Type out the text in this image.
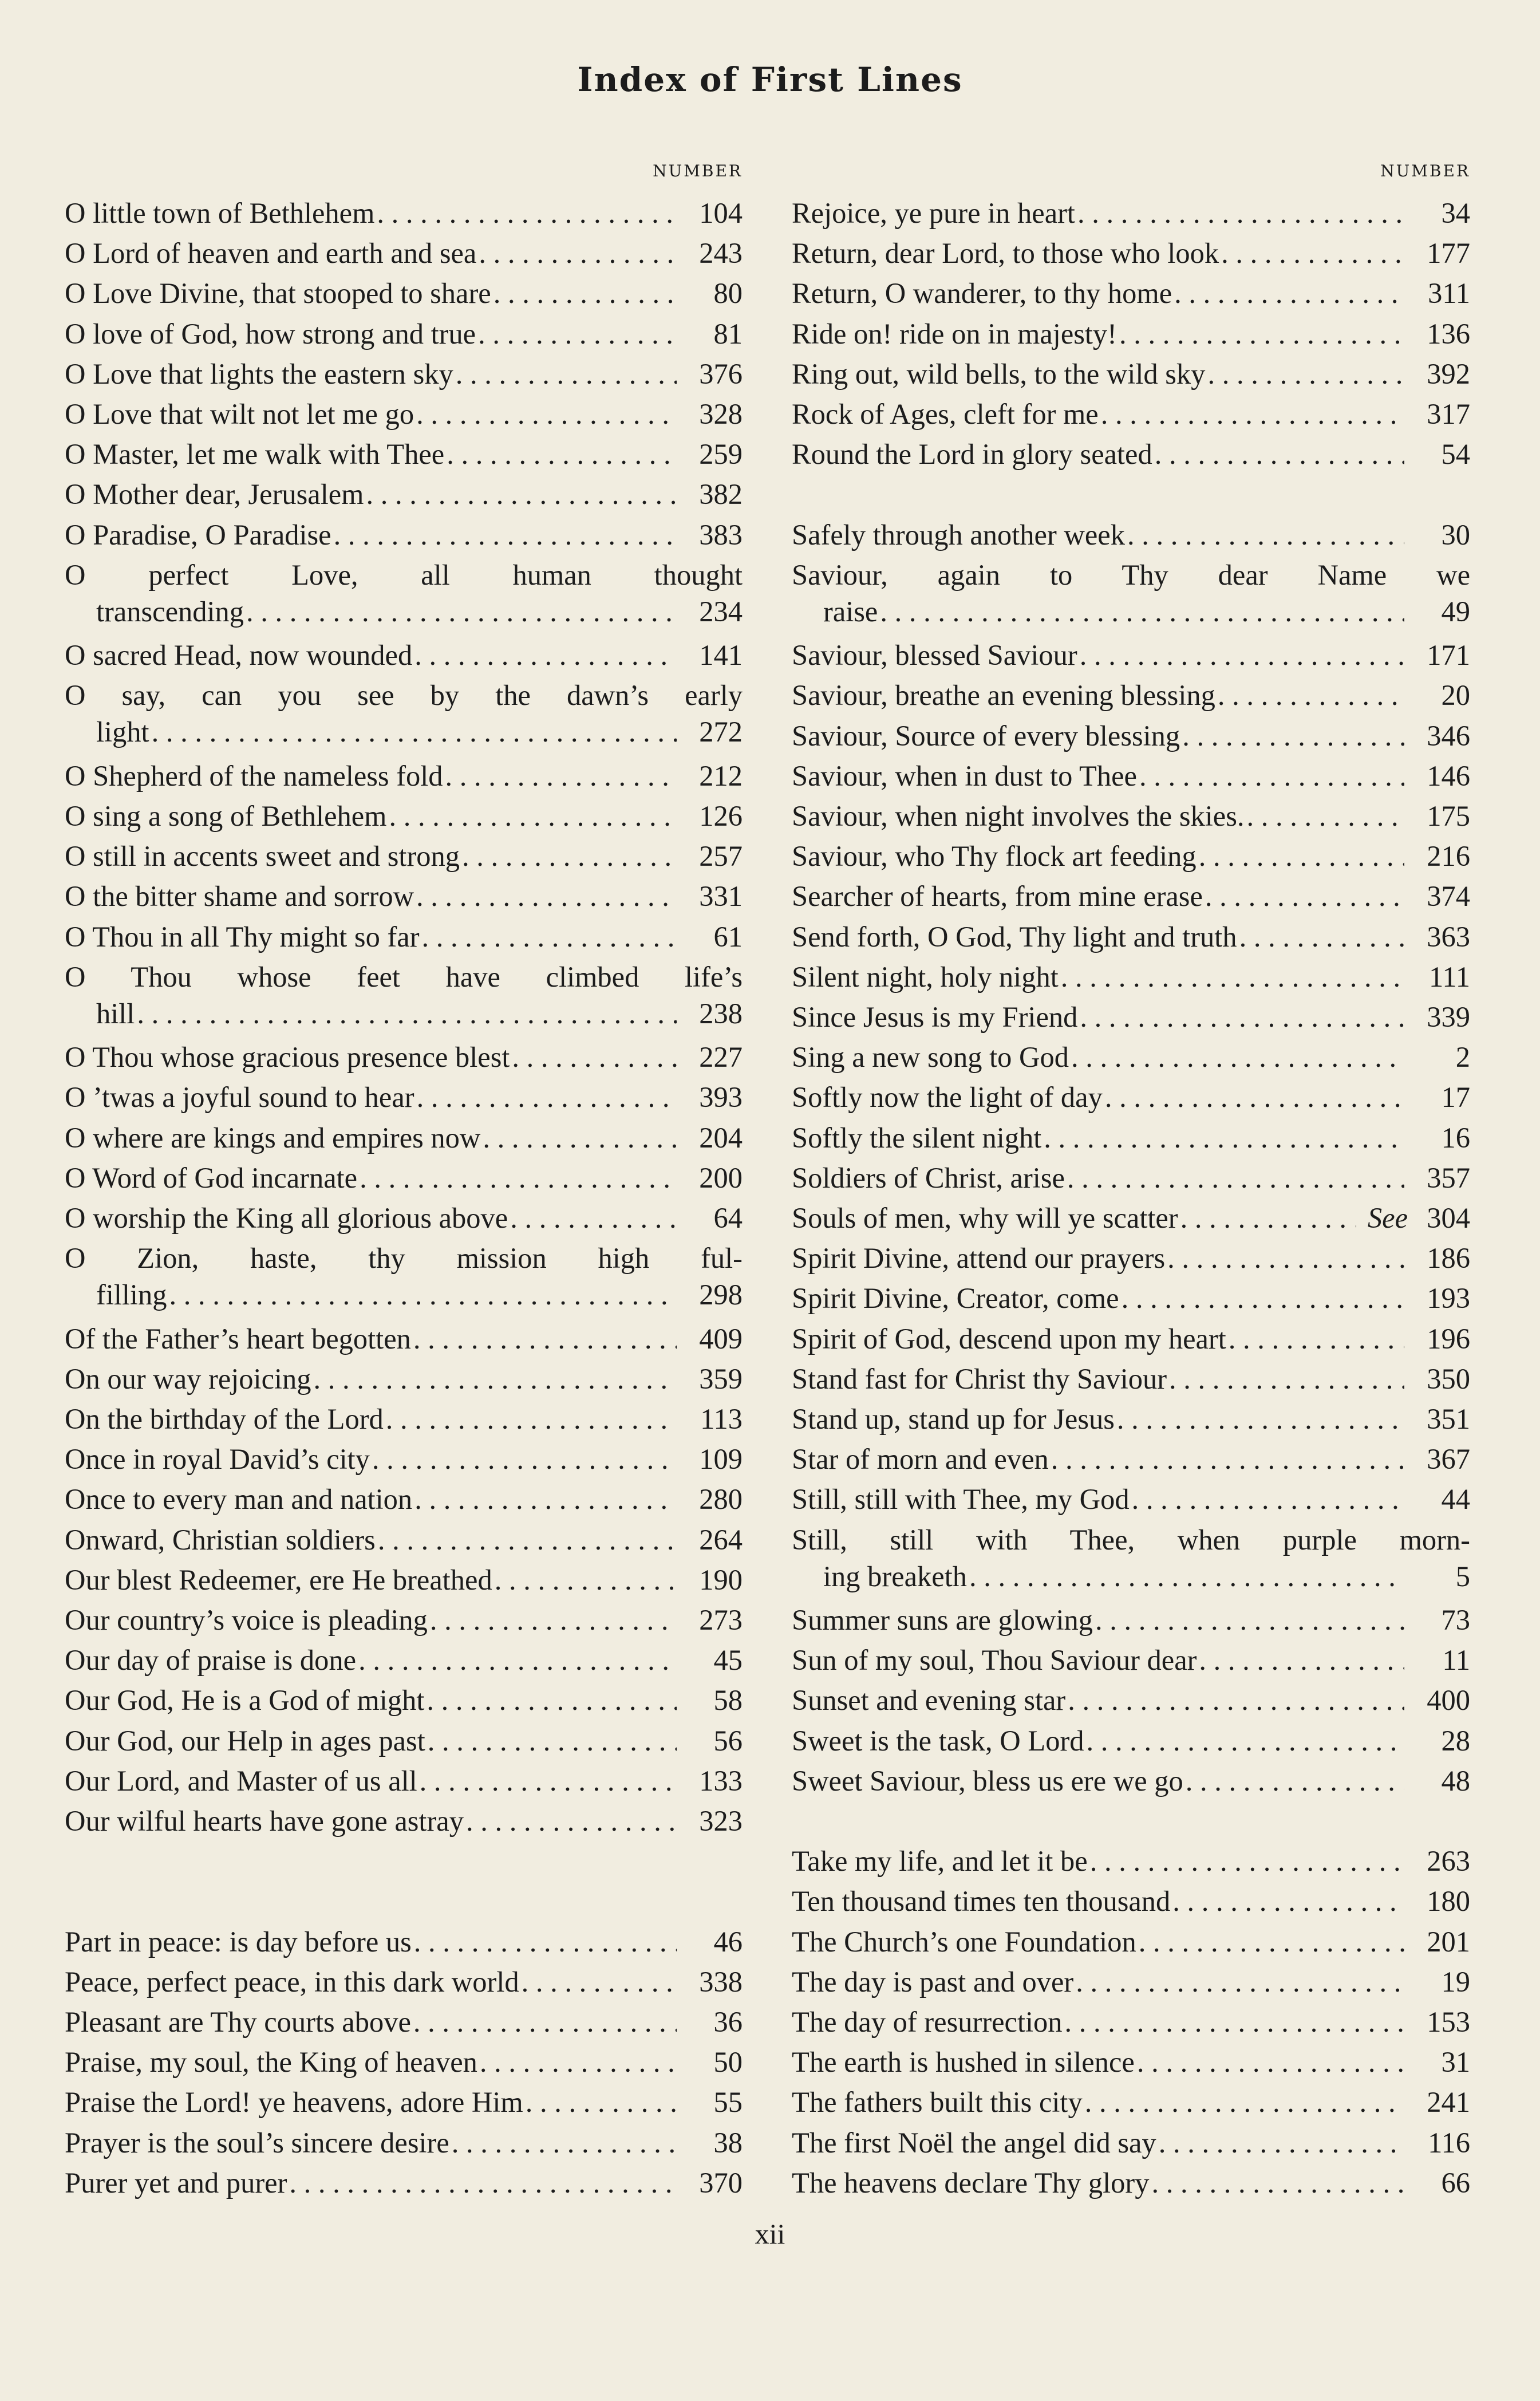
Index of First Lines
NUMBER
O little town of Bethlehem . . .	104
O Lord of heaven and earth and sea . . .	243
O Love Divine, that stooped to share . . .	80
O love of God, how strong and true . . .	81
O Love that lights the eastern sky . . .	376
O Love that wilt not let me go . . .	328
O Master, let me walk with Thee . . .	259
O Mother dear, Jerusalem . . .	382
O Paradise, O Paradise . . .	383
O perfect Love, all human thought
transcending . . .	234
O sacred Head, now wounded . . .	141
O say, can you see by the dawn’s early
light . . .	272
O Shepherd of the nameless fold . . .	212
O sing a song of Bethlehem . . .	126
O still in accents sweet and strong . . .	257
O the bitter shame and sorrow . . .	331
O Thou in all Thy might so far . . .	61
O Thou whose feet have climbed life’s
hill . . .	238
O Thou whose gracious presence blest . . .	227
O ’twas a joyful sound to hear . . .	393
O where are kings and empires now . . .	204
O Word of God incarnate . . .	200
O worship the King all glorious above . . .	64
O Zion, haste, thy mission high ful-
filling . . .	298
Of the Father’s heart begotten . . .	409
On our way rejoicing . . .	359
On the birthday of the Lord . . .	113
Once in royal David’s city . . .	109
Once to every man and nation . . .	280
Onward, Christian soldiers . . .	264
Our blest Redeemer, ere He breathed . . .	190
Our country’s voice is pleading . . .	273
Our day of praise is done . . .	45
Our God, He is a God of might . . .	58
Our God, our Help in ages past . . .	56
Our Lord, and Master of us all . . .	133
Our wilful hearts have gone astray . . .	323
Part in peace: is day before us . . .	46
Peace, perfect peace, in this dark world . . .	338
Pleasant are Thy courts above . . .	36
Praise, my soul, the King of heaven . . .	50
Praise the Lord! ye heavens, adore Him . . .	55
Prayer is the soul’s sincere desire . . .	38
Purer yet and purer . . .	370
NUMBER
Rejoice, ye pure in heart . . .	34
Return, dear Lord, to those who look . . .	177
Return, O wanderer, to thy home . . .	311
Ride on! ride on in majesty! . . .	136
Ring out, wild bells, to the wild sky . . .	392
Rock of Ages, cleft for me . . .	317
Round the Lord in glory seated . . .	54
Safely through another week . . .	30
Saviour, again to Thy dear Name we
raise . . .	49
Saviour, blessed Saviour . . .	171
Saviour, breathe an evening blessing . . .	20
Saviour, Source of every blessing . . .	346
Saviour, when in dust to Thee . . .	146
Saviour, when night involves the skies. . . .	175
Saviour, who Thy flock art feeding . . .	216
Searcher of hearts, from mine erase . . .	374
Send forth, O God, Thy light and truth . . .	363
Silent night, holy night . . .	111
Since Jesus is my Friend . . .	339
Sing a new song to God . . .	2
Softly now the light of day . . .	17
Softly the silent night . . .	16
Soldiers of Christ, arise . . .	357
Souls of men, why will ye scatter . . .	See 304
Spirit Divine, attend our prayers . . .	186
Spirit Divine, Creator, come . . .	193
Spirit of God, descend upon my heart . . .	196
Stand fast for Christ thy Saviour . . .	350
Stand up, stand up for Jesus . . .	351
Star of morn and even . . .	367
Still, still with Thee, my God . . .	44
Still, still with Thee, when purple morn-
ing breaketh . . .	5
Summer suns are glowing . . .	73
Sun of my soul, Thou Saviour dear . . .	11
Sunset and evening star . . .	400
Sweet is the task, O Lord . . .	28
Sweet Saviour, bless us ere we go . . .	48
Take my life, and let it be . . .	263
Ten thousand times ten thousand . . .	180
The Church’s one Foundation . . .	201
The day is past and over . . .	19
The day of resurrection . . .	153
The earth is hushed in silence . . .	31
The fathers built this city . . .	241
The first Noël the angel did say . . .	116
The heavens declare Thy glory . . .	66
xii
